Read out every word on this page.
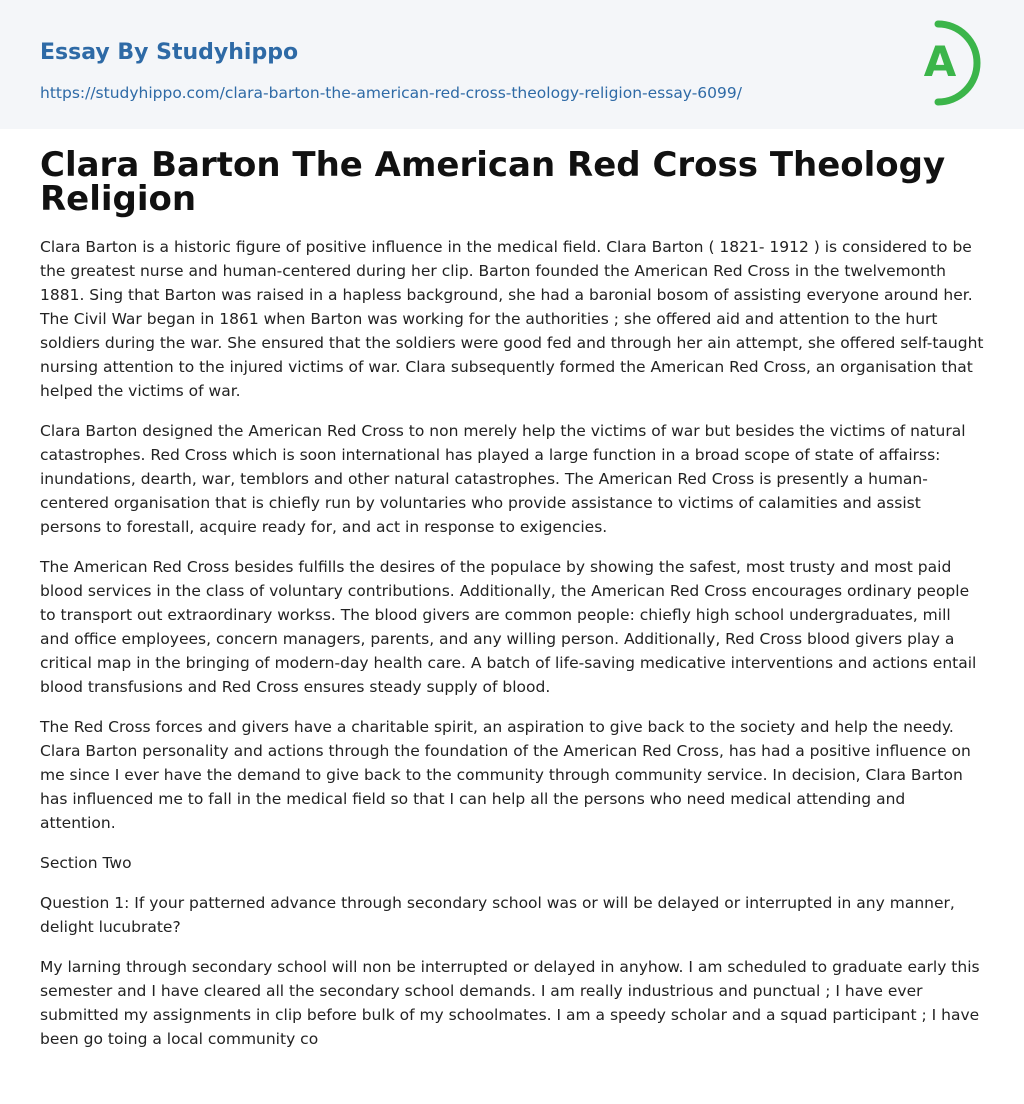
Essay By Studyhippo
https://studyhippo.com/clara-barton-the-american-red-cross-theology-religion-essay-6099/
A
Clara Barton The American Red Cross Theology Religion

Clara Barton is a historic figure of positive influence in the medical field. Clara Barton ( 1821- 1912 ) is considered to be the greatest nurse and human-centered during her clip. Barton founded the American Red Cross in the twelvemonth 1881. Sing that Barton was raised in a hapless background, she had a baronial bosom of assisting everyone around her. The Civil War began in 1861 when Barton was working for the authorities ; she offered aid and attention to the hurt soldiers during the war. She ensured that the soldiers were good fed and through her ain attempt, she offered self-taught nursing attention to the injured victims of war. Clara subsequently formed the American Red Cross, an organisation that helped the victims of war.

Clara Barton designed the American Red Cross to non merely help the victims of war but besides the victims of natural catastrophes. Red Cross which is soon international has played a large function in a broad scope of state of affairss: inundations, dearth, war, temblors and other natural catastrophes. The American Red Cross is presently a human-centered organisation that is chiefly run by voluntaries who provide assistance to victims of calamities and assist persons to forestall, acquire ready for, and act in response to exigencies.

The American Red Cross besides fulfills the desires of the populace by showing the safest, most trusty and most paid blood services in the class of voluntary contributions. Additionally, the American Red Cross encourages ordinary people to transport out extraordinary workss. The blood givers are common people: chiefly high school undergraduates, mill and office employees, concern managers, parents, and any willing person. Additionally, Red Cross blood givers play a critical map in the bringing of modern-day health care. A batch of life-saving medicative interventions and actions entail blood transfusions and Red Cross ensures steady supply of blood.

The Red Cross forces and givers have a charitable spirit, an aspiration to give back to the society and help the needy. Clara Barton personality and actions through the foundation of the American Red Cross, has had a positive influence on me since I ever have the demand to give back to the community through community service. In decision, Clara Barton has influenced me to fall in the medical field so that I can help all the persons who need medical attending and attention.

Section Two

Question 1: If your patterned advance through secondary school was or will be delayed or interrupted in any manner, delight lucubrate?

My larning through secondary school will non be interrupted or delayed in anyhow. I am scheduled to graduate early this semester and I have cleared all the secondary school demands. I am really industrious and punctual ; I have ever submitted my assignments in clip before bulk of my schoolmates. I am a speedy scholar and a squad participant ; I have been go toing a local community co
